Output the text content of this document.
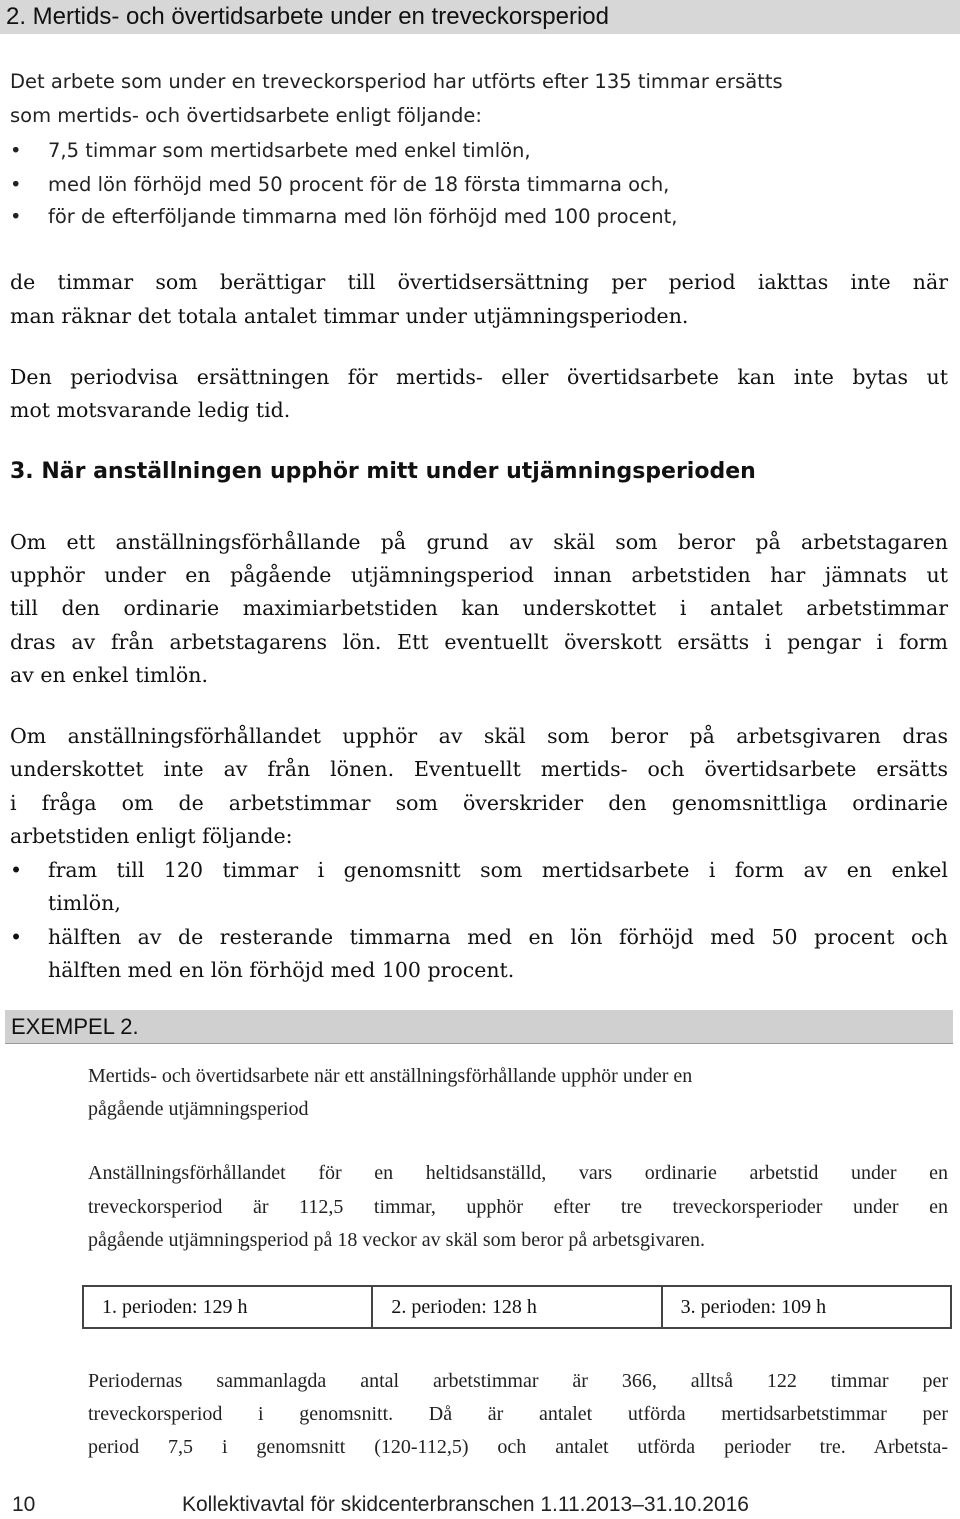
2. Mertids- och övertidsarbete under en treveckorsperiod
Det arbete som under en treveckorsperiod har utförts efter 135 timmar ersätts
som mertids- och övertidsarbete enligt följande:
• 7,5 timmar som mertidsarbete med enkel timlön,
• med lön förhöjd med 50 procent för de 18 första timmarna och,
• för de efterföljande timmarna med lön förhöjd med 100 procent,
de timmar som berättigar till övertidsersättning per period iakttas inte när
man räknar det totala antalet timmar under utjämningsperioden.
Den periodvisa ersättningen för mertids- eller övertidsarbete kan inte bytas ut
mot motsvarande ledig tid.
3. När anställningen upphör mitt under utjämningsperioden
Om ett anställningsförhållande på grund av skäl som beror på arbetstagaren
upphör under en pågående utjämningsperiod innan arbetstiden har jämnats ut
till den ordinarie maximiarbetstiden kan underskottet i antalet arbetstimmar
dras av från arbetstagarens lön. Ett eventuellt överskott ersätts i pengar i form
av en enkel timlön.
Om anställningsförhållandet upphör av skäl som beror på arbetsgivaren dras
underskottet inte av från lönen. Eventuellt mertids- och övertidsarbete ersätts
i fråga om de arbetstimmar som överskrider den genomsnittliga ordinarie
arbetstiden enligt följande:
• fram till 120 timmar i genomsnitt som mertidsarbete i form av en enkel
timlön,
• hälften av de resterande timmarna med en lön förhöjd med 50 procent och
hälften med en lön förhöjd med 100 procent.
EXEMPEL 2.
Mertids- och övertidsarbete när ett anställningsförhållande upphör under en
pågående utjämningsperiod
Anställningsförhållandet för en heltidsanställd, vars ordinarie arbetstid under en
treveckorsperiod är 112,5 timmar, upphör efter tre treveckorsperioder under en
pågående utjämningsperiod på 18 veckor av skäl som beror på arbetsgivaren.
1. perioden: 129 h	2. perioden: 128 h	3. perioden: 109 h
Periodernas sammanlagda antal arbetstimmar är 366, alltså 122 timmar per
treveckorsperiod i genomsnitt. Då är antalet utförda mertidsarbetstimmar per
period 7,5 i genomsnitt (120-112,5) och antalet utförda perioder tre. Arbetsta-
10	Kollektivavtal för skidcenterbranschen 1.11.2013–31.10.2016
